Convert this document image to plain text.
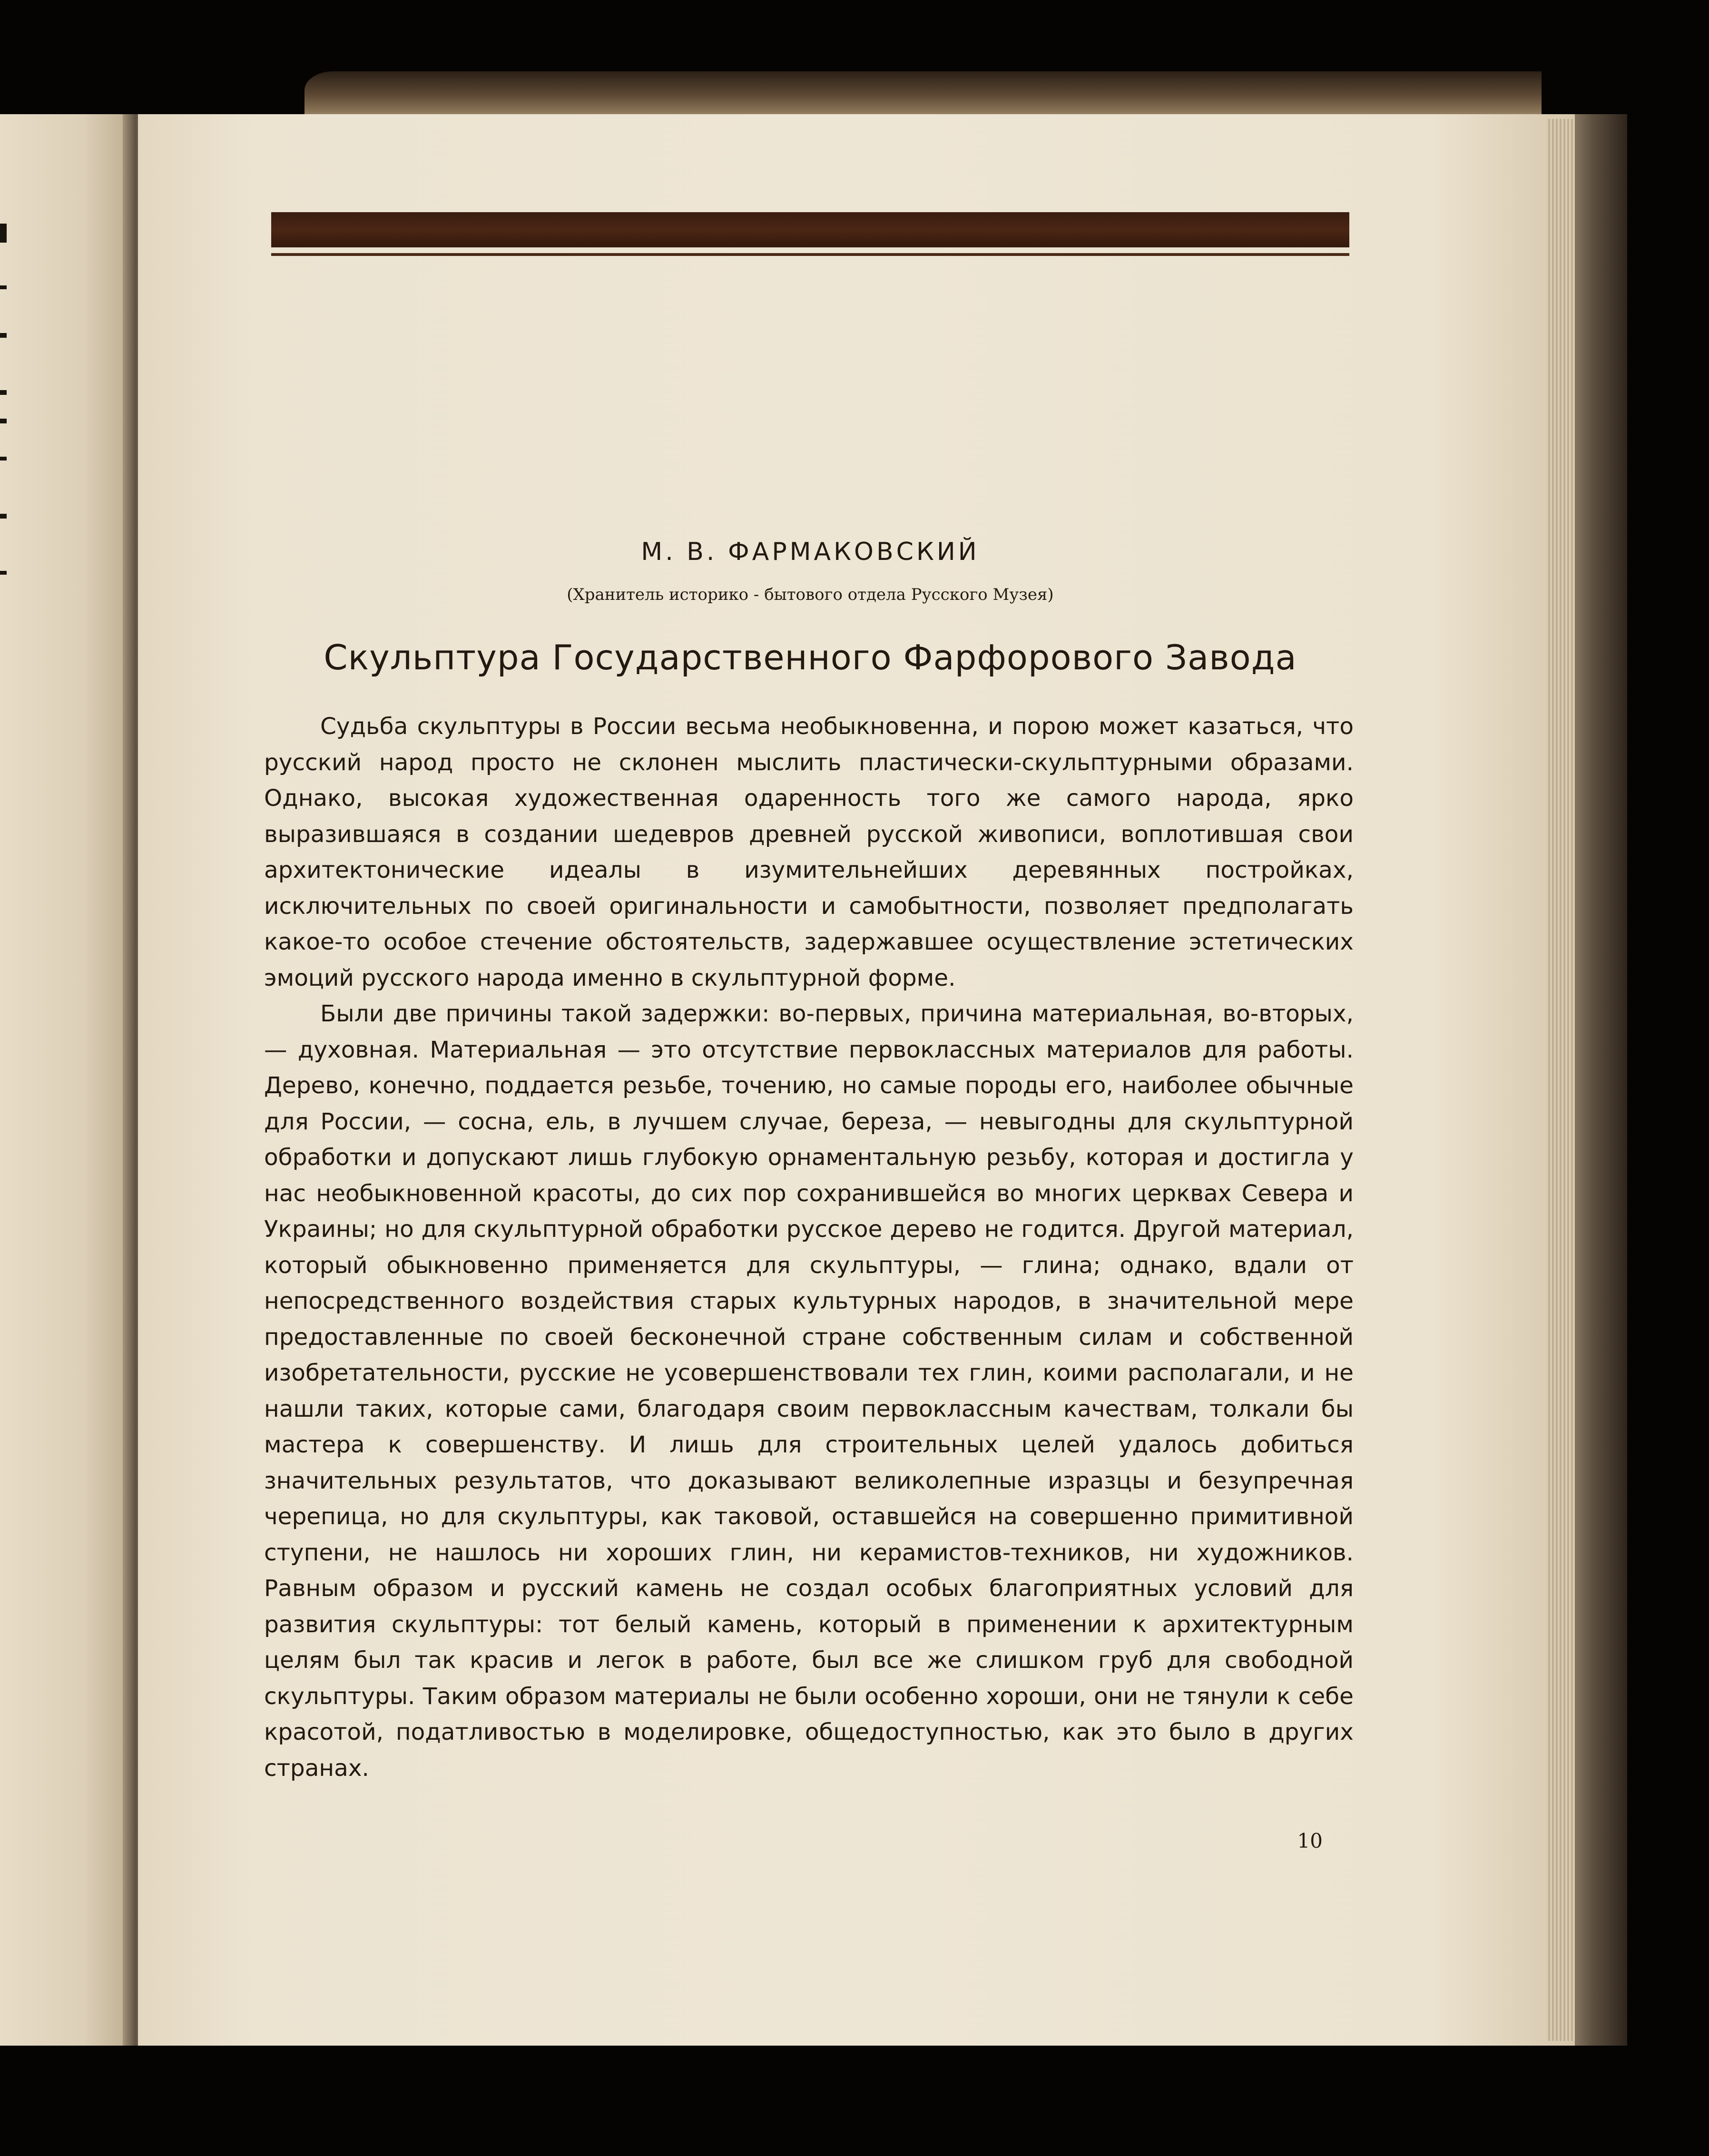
М. В. ФАРМАКОВСКИЙ
(Хранитель историко - бытового отдела Русского Музея)
Скульптура Государственного Фарфорового Завода

Судьба скульптуры в России весьма необыкновенна, и порою может казаться, что русский народ просто не склонен мыслить пластически-скульптурными образами. Однако, высокая художественная одаренность того же самого народа, ярко выразившаяся в создании шедевров древней русской живописи, воплотившая свои архитектонические идеалы в изумительнейших деревянных постройках, исключительных по своей оригинальности и самобытности, позволяет предполагать какое-то особое стечение обстоятельств, задержавшее осуществление эстетических эмоций русского народа именно в скульптурной форме.

Были две причины такой задержки: во-первых, причина материальная, во-вторых, — духовная. Материальная — это отсутствие первоклассных материалов для работы. Дерево, конечно, поддается резьбе, точению, но самые породы его, наиболее обычные для России, — сосна, ель, в лучшем случае, береза, — невыгодны для скульптурной обработки и допускают лишь глубокую орнаментальную резьбу, которая и достигла у нас необыкновенной красоты, до сих пор сохранившейся во многих церквах Севера и Украины; но для скульптурной обработки русское дерево не годится. Другой материал, который обыкновенно применяется для скульптуры, — глина; однако, вдали от непосредственного воздействия старых культурных народов, в значительной мере предоставленные по своей бесконечной стране собственным силам и собственной изобретательности, русские не усовершенствовали тех глин, коими располагали, и не нашли таких, которые сами, благодаря своим первоклассным качествам, толкали бы мастера к совершенству. И лишь для строительных целей удалось добиться значительных результатов, что доказывают великолепные изразцы и безупречная черепица, но для скульптуры, как таковой, оставшейся на совершенно примитивной ступени, не нашлось ни хороших глин, ни керамистов-техников, ни художников. Равным образом и русский камень не создал особых благоприятных условий для развития скульптуры: тот белый камень, который в применении к архитектурным целям был так красив и легок в работе, был все же слишком груб для свободной скульптуры. Таким образом материалы не были особенно хороши, они не тянули к себе красотой, податливостью в моделировке, общедоступностью, как это было в других странах.

10
